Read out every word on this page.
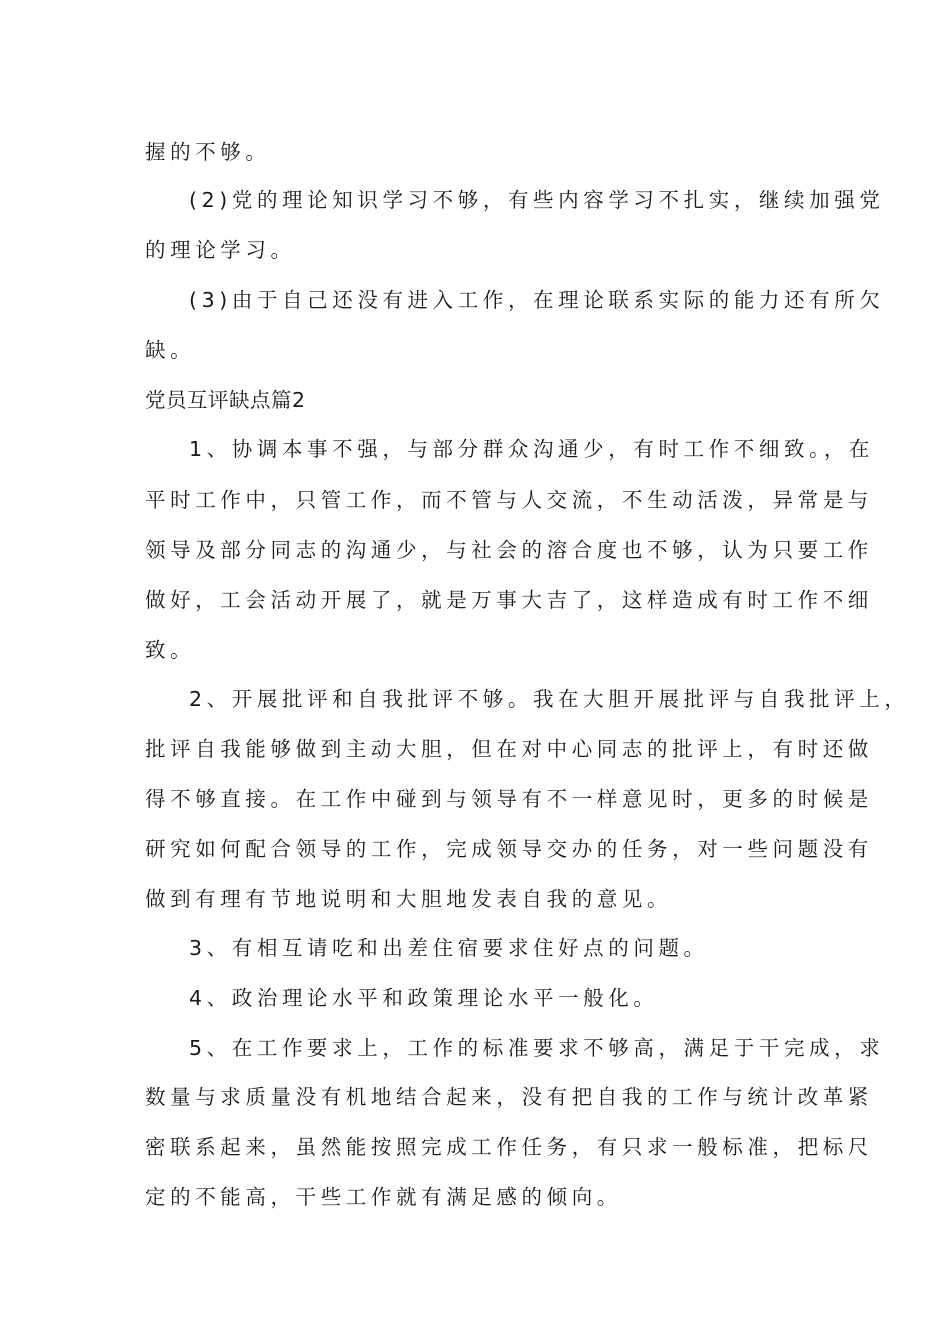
握的不够。
(2)党的理论知识学习不够，有些内容学习不扎实，继续加强党
的理论学习。
(3)由于自己还没有进入工作，在理论联系实际的能力还有所欠
缺。
党员互评缺点篇2
1、协调本事不强，与部分群众沟通少，有时工作不细致。，在
平时工作中，只管工作，而不管与人交流，不生动活泼，异常是与
领导及部分同志的沟通少，与社会的溶合度也不够，认为只要工作
做好，工会活动开展了，就是万事大吉了，这样造成有时工作不细
致。
2、开展批评和自我批评不够。我在大胆开展批评与自我批评上，
批评自我能够做到主动大胆，但在对中心同志的批评上，有时还做
得不够直接。在工作中碰到与领导有不一样意见时，更多的时候是
研究如何配合领导的工作，完成领导交办的任务，对一些问题没有
做到有理有节地说明和大胆地发表自我的意见。
3、有相互请吃和出差住宿要求住好点的问题。
4、政治理论水平和政策理论水平一般化。
5、在工作要求上，工作的标准要求不够高，满足于干完成，求
数量与求质量没有机地结合起来，没有把自我的工作与统计改革紧
密联系起来，虽然能按照完成工作任务，有只求一般标准，把标尺
定的不能高，干些工作就有满足感的倾向。
